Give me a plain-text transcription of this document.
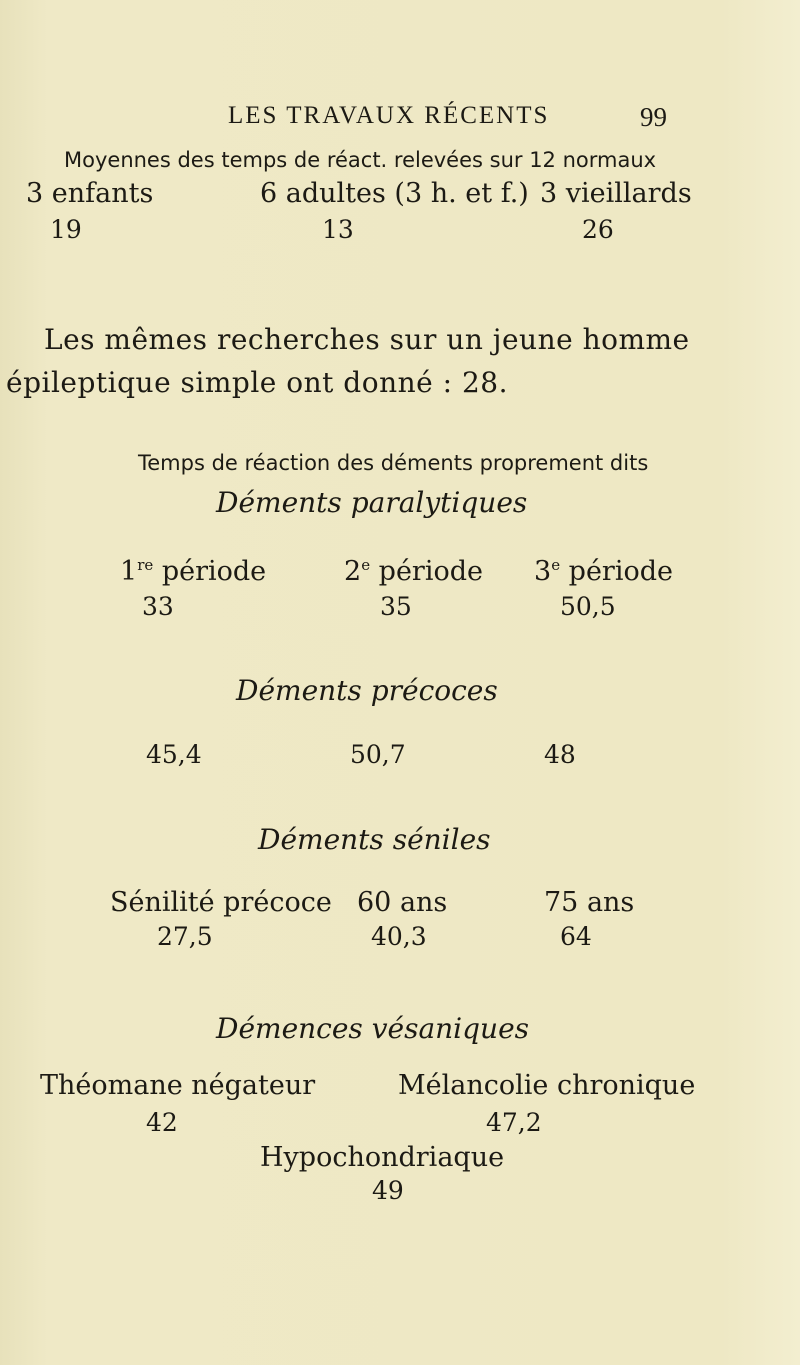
LES TRAVAUX RÉCENTS	99
Moyennes des temps de réact. relevées sur 12 normaux
3 enfants	6 adultes (3 h. et f.) 3 vieillards
19	13	26
Les mêmes recherches sur un jeune homme
épileptique simple ont donné : 28.
Temps de réaction des déments proprement dits
Déments paralytiques
1re période	2e période 3e période
33	35	50,5
Déments précoces
45,4	50,7	48
Déments séniles
Sénilité précoce 60 ans	75 ans
27,5	40,3	64
Démences vésaniques
Théomane négateur	Mélancolie chronique
42	47,2
Hypochondriaque
49
